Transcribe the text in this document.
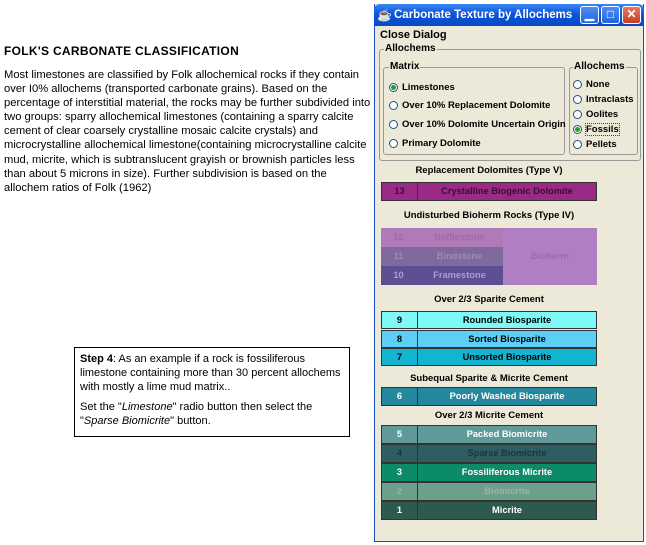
FOLK'S CARBONATE CLASSIFICATION
Most limestones are classified by Folk allochemical rocks if they contain over I0% allochems (transported carbonate grains). Based on the percentage of interstitial material, the rocks may be further subdivided into two groups: sparry allochemical limestones (containing a sparry calcite cement of clear coarsely crystalline mosaic calcite crystals) and microcrystalline allochemical limestone(containing microcrystalline calcite mud, micrite, which is subtranslucent grayish or brownish particles less than about 5 microns in size). Further subdivision is based on the allochem ratios of Folk (1962)

Step 4: As an example if a rock is fossiliferous limestone containing more than 30 percent allochems with mostly a lime mud matrix..

Set the "Limestone" radio button then select the "Sparse Biomicrite" button.

☕ Carbonate Texture by Allochems	▁	□	✕
Close Dialog
Allochems
Matrix
Limestones
Over 10% Replacement Dolomite
Over 10% Dolomite Uncertain Origin
Primary Dolomite
Allochems
None
Intraclasts
Oolites
Fossils
Pellets
Replacement Dolomites (Type V)
13	Crystalline Biogenic Dolomite
Undisturbed Bioherm Rocks (Type IV)
12	Bafflestone
11	Bindstone
10	Framestone
Bioherm
Over 2/3 Sparite Cement
9	Rounded Biosparite
8	Sorted Biosparite
7	Unsorted Biosparite
Subequal Sparite & Micrite Cement
6	Poorly Washed Biosparite
Over 2/3 Micrite Cement
5	Packed Biomicrite
4	Sparse Biomicrite
3	Fossiliferous Micrite
2	Biomicrite
1	Micrite
